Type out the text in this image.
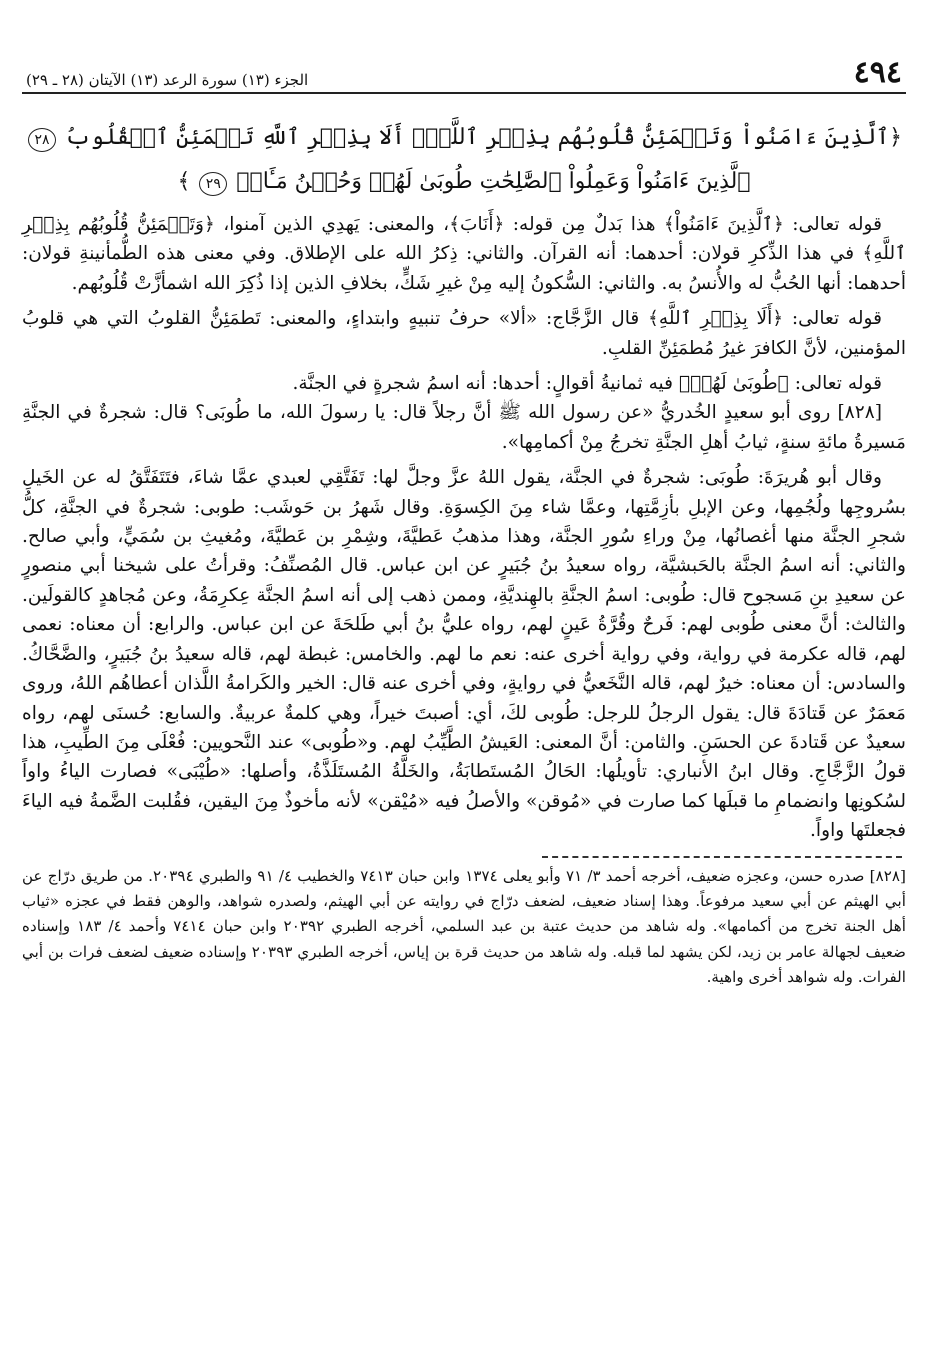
٤٩٤
الجزء (١٣) سورة الرعد (١٣) الآيتان (٢٨ ـ ٢٩)
﴿ٱلَّذِينَ ءَامَنُواْ وَتَطۡمَئِنُّ قُلُوبُهُم بِذِكۡرِ ٱللَّهِۗ أَلَا بِذِكۡرِ ٱللَّهِ تَطۡمَئِنُّ ٱلۡقُلُوبُ ٢٨ ٱلَّذِينَ ءَامَنُواْ وَعَمِلُواْ ٱلصَّٰلِحَٰتِ طُوبَىٰ لَهُمۡ وَحُسۡنُ مَـَٔابٖ ٢٩ ﴾

قوله تعالى: ﴿ٱلَّذِينَ ءَامَنُواْ﴾ هذا بَدلٌ مِن قوله: ﴿أَنَابَ﴾، والمعنى: يَهدِي الذين آمنوا، ﴿وَتَطۡمَئِنُّ قُلُوبُهُم بِذِكۡرِ ٱللَّهِ﴾ في هذا الذِّكرِ قولان: أحدهما: أنه القرآن. والثاني: ذِكرُ الله على الإطلاق. وفي معنى هذه الطُّمأنينةِ قولان: أحدهما: أنها الحُبُّ له والأُنسُ به. والثاني: السُّكونُ إليه مِنْ غيرِ شَكٍّ، بخلافِ الذين إذا ذُكِرَ الله اشمأزَّتْ قُلُوبُهم.

قوله تعالى: ﴿أَلَا بِذِكۡرِ ٱللَّهِ﴾ قال الزَّجَّاج: «ألا» حرفُ تنبيهٍ وابتداءٍ، والمعنى: تَطمَئِنُّ القلوبُ التي هي قلوبُ المؤمنين، لأنَّ الكافرَ غيرُ مُطمَئِنِّ القلبِ.

قوله تعالى: ﴿طُوبَىٰ لَهُمۡ﴾ فيه ثمانيةُ أقوالٍ: أحدها: أنه اسمُ شجرةٍ في الجنَّة.

[٨٢٨] روى أبو سعيدٍ الخُدريُّ «عن رسول الله ﷺ أنَّ رجلاً قال: يا رسولَ الله، ما طُوبَى؟ قال: شجرةٌ في الجنَّةِ مَسيرةُ مائةِ سنةٍ، ثيابُ أهلِ الجنَّةِ تخرجُ مِنْ أكمامِها».

وقال أبو هُريرَةَ: طُوبَى: شجرةٌ في الجنَّة، يقول اللهُ عزَّ وجلَّ لها: تَفَتَّقِي لعبدي عمَّا شاءَ، فتَتَفَتَّقُ له عن الخَيلِ بسُروجِها ولُجُمِها، وعن الإبلِ بأزِمَّتِها، وعمَّا شاء مِنَ الكِسوَةِ. وقال شَهرُ بن حَوشَب: طوبى: شجرةٌ في الجنَّةِ، كلُّ شجرِ الجنَّة منها أغصانُها، مِنْ وراءِ سُورِ الجنَّة، وهذا مذهبُ عَطيَّةَ، وشِمْرِ بن عَطيَّةَ، ومُغيثِ بن سُمَيٍّ، وأبي صالح. والثاني: أنه اسمُ الجنَّة بالحَبشيَّة، رواه سعيدُ بنُ جُبَيرٍ عن ابن عباس. قال المُصنِّفُ: وقرأتُ على شيخنا أبي منصورٍ عن سعيدِ بنِ مَسجوح قال: طُوبى: اسمُ الجنَّةِ بالهِنديَّةِ، وممن ذهب إلى أنه اسمُ الجنَّة عِكرِمَةُ، وعن مُجاهدٍ كالقولَين. والثالث: أنَّ معنى طُوبى لهم: فَرحٌ وقُرَّةُ عَينٍ لهم، رواه عليُّ بنُ أبي طَلحَةَ عن ابن عباس. والرابع: أن معناه: نعمى لهم، قاله عكرمة في رواية، وفي رواية أخرى عنه: نعم ما لهم. والخامس: غبطة لهم، قاله سعيدُ بنُ جُبَيرٍ، والضَّحَّاكُ. والسادس: أن معناه: خيرٌ لهم، قاله النَّخَعيُّ في روايةٍ، وفي أخرى عنه قال: الخير والكَرامةُ اللَّذان أعطاهُم اللهُ، وروى مَعمَرٌ عن قَتادَةَ قال: يقول الرجلُ للرجل: طُوبى لكَ، أي: أصبتَ خيراً، وهي كلمةٌ عربيةٌ. والسابع: حُسنَى لهم، رواه سعيدٌ عن قَتادةَ عن الحسَنِ. والثامن: أنَّ المعنى: العَيشُ الطَّيِّبُ لهم. و«طُوبى» عند النَّحويين: فُعْلَى مِنَ الطِّيبِ، هذا قولُ الزَّجَّاجِ. وقال ابنُ الأنباري: تأويلُها: الحَالُ المُستَطابَةُ، والخَلَّةُ المُستَلَذَّةُ، وأصلها: «طُيْبَى» فصارت الياءُ واواً لسُكونِها وانضمامِ ما قبلَها كما صارت في «مُوقن» والأصلُ فيه «مُيْقن» لأنه مأخوذٌ مِنَ اليقين، فقُلبت الضَّمةُ فيه الياءَ فجعلتَها واواً.

[٨٢٨] صدره حسن، وعجزه ضعيف، أخرجه أحمد ٣/ ٧١ وأبو يعلى ١٣٧٤ وابن حبان ٧٤١٣ والخطيب ٤/ ٩١ والطبري ٢٠٣٩٤. من طريق درّاج عن أبي الهيثم عن أبي سعيد مرفوعاً. وهذا إسناد ضعيف، لضعف درّاج في روايته عن أبي الهيثم، ولصدره شواهد، والوهن فقط في عجزه «ثياب أهل الجنة تخرج من أكمامها». وله شاهد من حديث عتبة بن عبد السلمي، أخرجه الطبري ٢٠٣٩٢ وابن حبان ٧٤١٤ وأحمد ٤/ ١٨٣ وإسناده ضعيف لجهالة عامر بن زيد، لكن يشهد لما قبله. وله شاهد من حديث قرة بن إياس، أخرجه الطبري ٢٠٣٩٣ وإسناده ضعيف لضعف فرات بن أبي الفرات. وله شواهد أخرى واهية.
